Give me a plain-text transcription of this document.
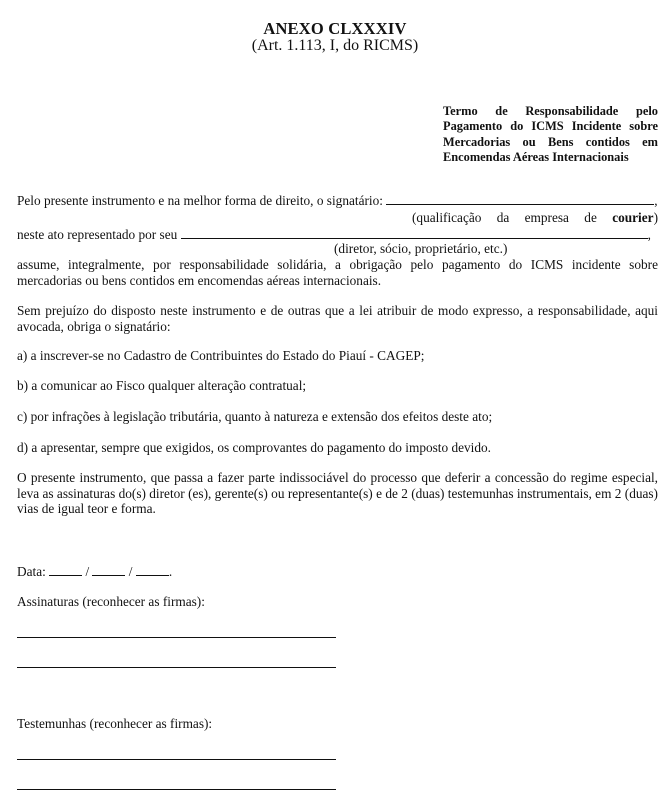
ANEXO CLXXXIV
(Art. 1.113, I, do RICMS)
Termo de Responsabilidade pelo Pagamento do ICMS Incidente sobre Mercadorias ou Bens contidos em Encomendas Aéreas Internacionais
Pelo presente instrumento e na melhor forma de direito, o signatário:	,
(qualificação da empresa de courier)
neste ato representado por seu	,
(diretor, sócio, proprietário, etc.)
assume, integralmente, por responsabilidade solidária, a obrigação pelo pagamento do ICMS incidente sobre mercadorias ou bens contidos em encomendas aéreas internacionais.
Sem prejuízo do disposto neste instrumento e de outras que a lei atribuir de modo expresso, a responsabilidade, aqui avocada, obriga o signatário:
a) a inscrever-se no Cadastro de Contribuintes do Estado do Piauí - CAGEP;
b) a comunicar ao Fisco qualquer alteração contratual;
c) por infrações à legislação tributária, quanto à natureza e extensão dos efeitos deste ato;
d) a apresentar, sempre que exigidos, os comprovantes do pagamento do imposto devido.
O presente instrumento, que passa a fazer parte indissociável do processo que deferir a concessão do regime especial, leva as assinaturas do(s) diretor (es), gerente(s) ou representante(s) e de 2 (duas) testemunhas instrumentais, em 2 (duas) vias de igual teor e forma.
Data:  /  / .
Assinaturas (reconhecer as firmas):
Testemunhas (reconhecer as firmas):
